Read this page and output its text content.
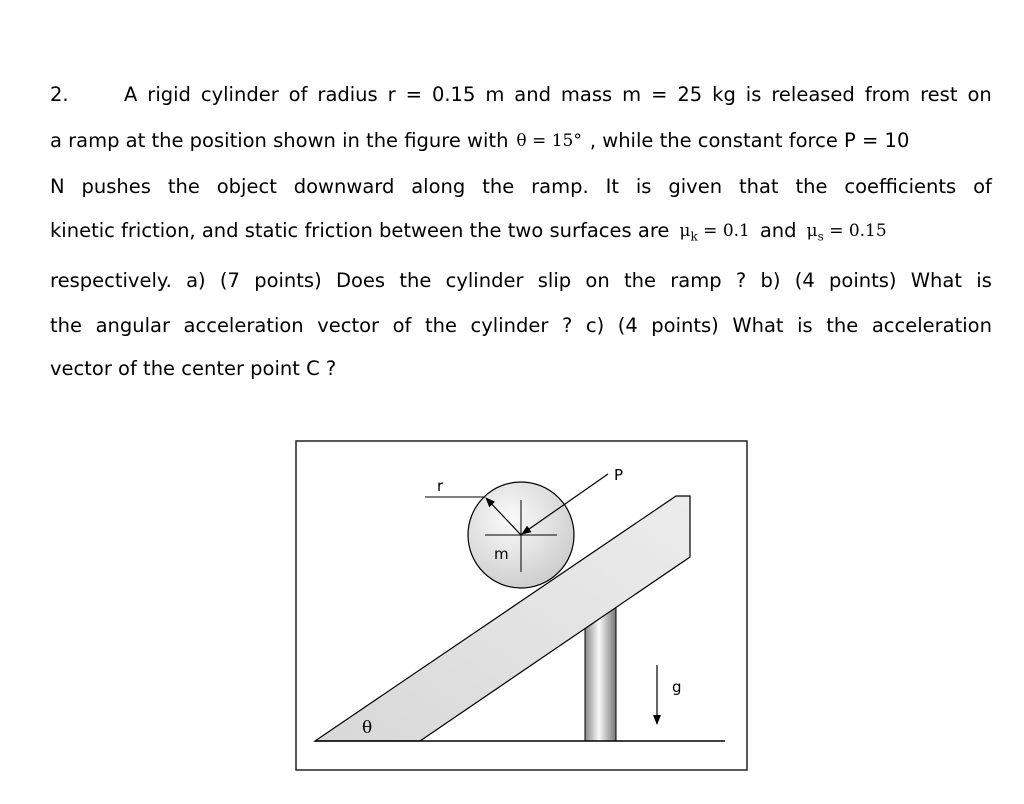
2.	A rigid cylinder of radius r = 0.15 m and mass m = 25 kg is released from rest on
a ramp at the position shown in the figure with θ = 15° , while the constant force P = 10
N pushes the object downward along the ramp. It is given that the coefficients of
kinetic friction, and static friction between the two surfaces are $\mu_k = 0.1$ and $\mu_s = 0.15$
respectively. a) (7 points) Does the cylinder slip on the ramp ? b) (4 points) What is
the angular acceleration vector of the cylinder ? c) (4 points) What is the acceleration
vector of the center point C ?
r
m
P
g
θ
